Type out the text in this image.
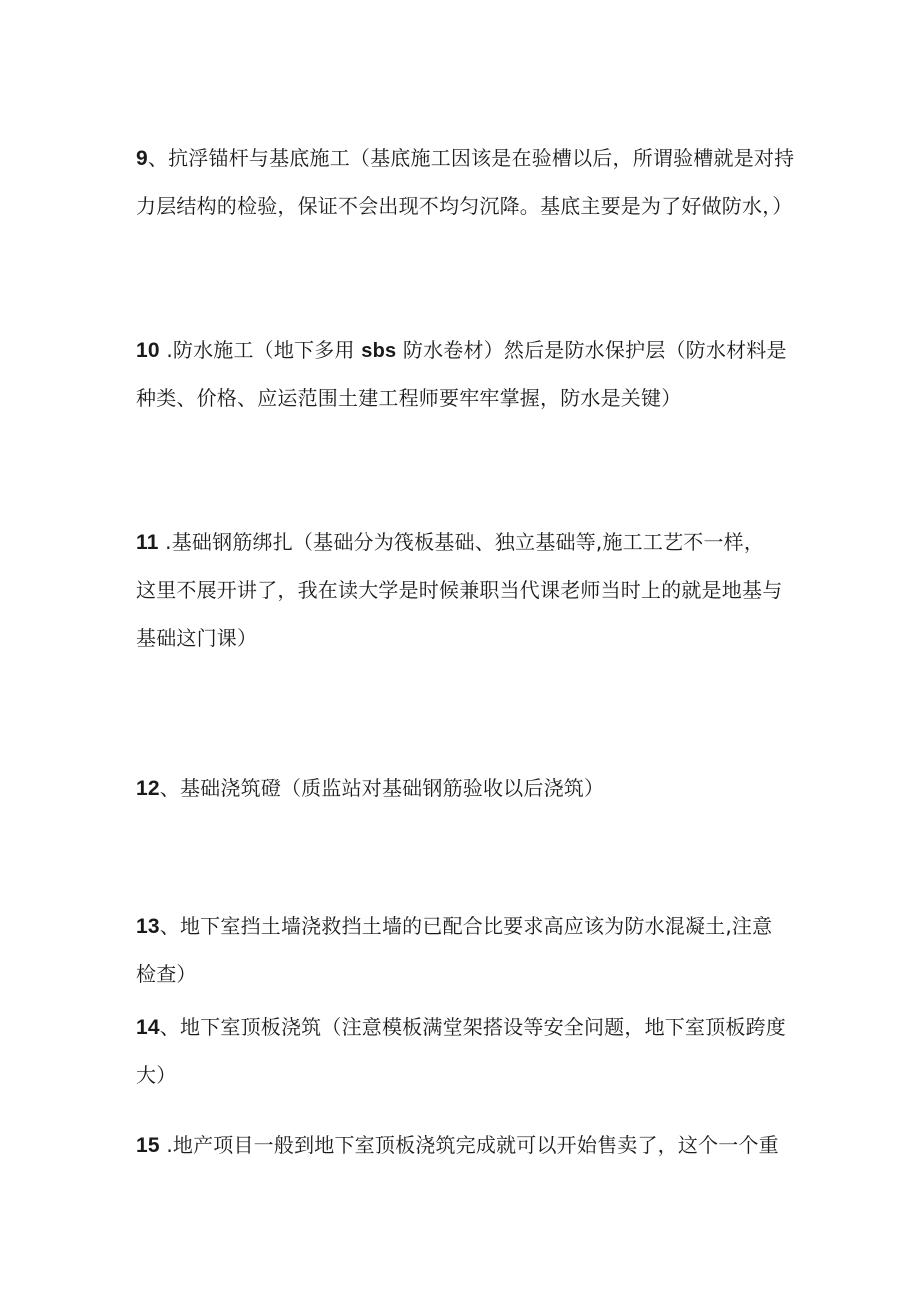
9、抗浮锚杆与基底施工（基底施工因该是在验槽以后，所谓验槽就是对持
力层结构的检验，保证不会出现不均匀沉降。基底主要是为了好做防水，）
10 .防水施工（地下多用 sbs 防水卷材）然后是防水保护层（防水材料是
种类、价格、应运范围土建工程师要牢牢掌握，防水是关键）
11 .基础钢筋绑扎（基础分为筏板基础、独立基础等,施工工艺不一样，
这里不展开讲了，我在读大学是时候兼职当代课老师当时上的就是地基与
基础这门课）
12、基础浇筑磴（质监站对基础钢筋验收以后浇筑）
13、地下室挡土墙浇救挡土墙的已配合比要求高应该为防水混凝土,注意
检查）
14、地下室顶板浇筑（注意模板满堂架搭设等安全问题，地下室顶板跨度
大）
15 .地产项目一般到地下室顶板浇筑完成就可以开始售卖了，这个一个重
